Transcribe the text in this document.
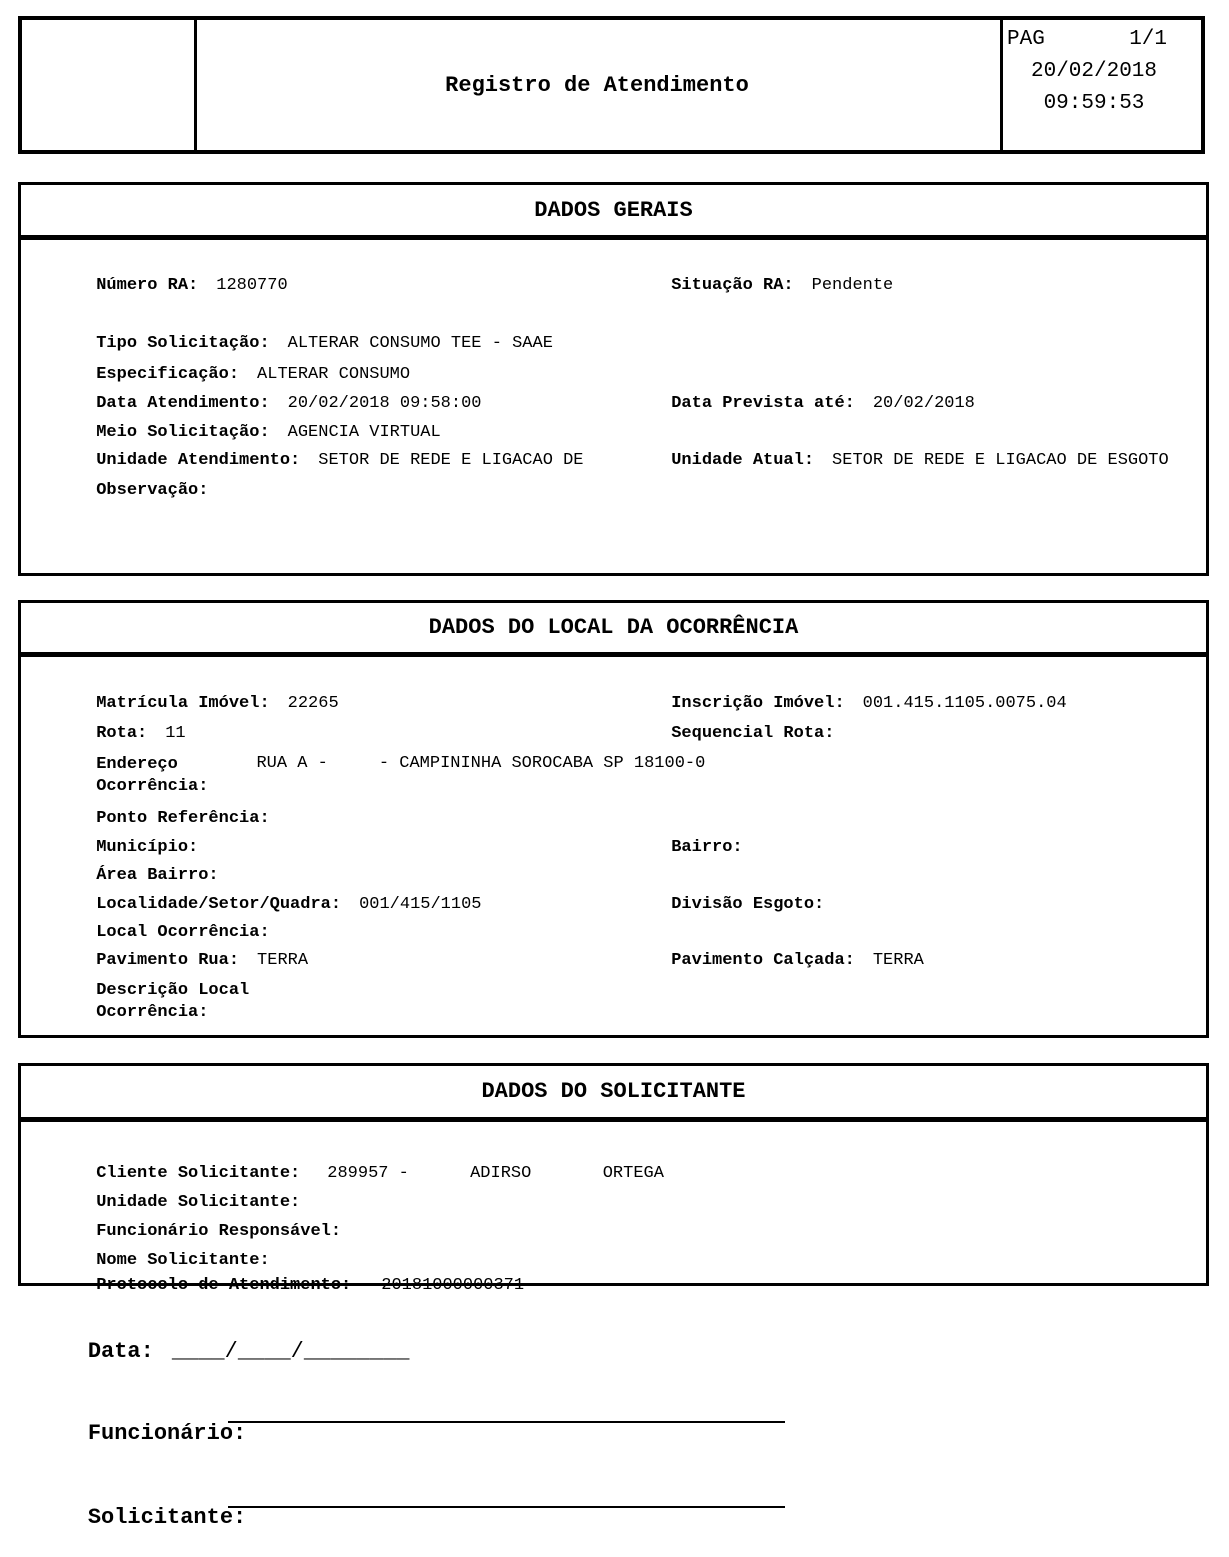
Registro de Atendimento
PAG	1/1
20/02/2018
09:59:53
DADOS GERAIS

Número RA: 1280770
	Situação RA: Pendente

Tipo Solicitação: ALTERAR CONSUMO TEE - SAAE

Especificação: ALTERAR CONSUMO

Data Atendimento: 20/02/2018 09:58:00
	Data Prevista até: 20/02/2018

Meio Solicitação: AGENCIA VIRTUAL

Unidade Atendimento: SETOR DE REDE E LIGACAO DE
	Unidade Atual: SETOR DE REDE E LIGACAO DE ESGOTO

Observação:

DADOS DO LOCAL DA OCORRÊNCIA

Matrícula Imóvel: 22265
	Inscrição Imóvel: 001.415.1105.0075.04

Rota: 11
	Sequencial Rota:

Endereço
Ocorrência:
RUA A -     - CAMPININHA SOROCABA SP 18100-0

Ponto Referência:

Município:
	Bairro:

Área Bairro:

Localidade/Setor/Quadra: 001/415/1105
	Divisão Esgoto:

Local Ocorrência:

Pavimento Rua: TERRA
	Pavimento Calçada: TERRA

Descrição Local
Ocorrência:

DADOS DO SOLICITANTE

Cliente Solicitante: 289957 -      ADIRSO       ORTEGA

Unidade Solicitante:

Funcionário Responsável:

Nome Solicitante:

Protocolo de Atendimento: 20181000000371

Data: ____/____/________

Funcionário:

Solicitante:
